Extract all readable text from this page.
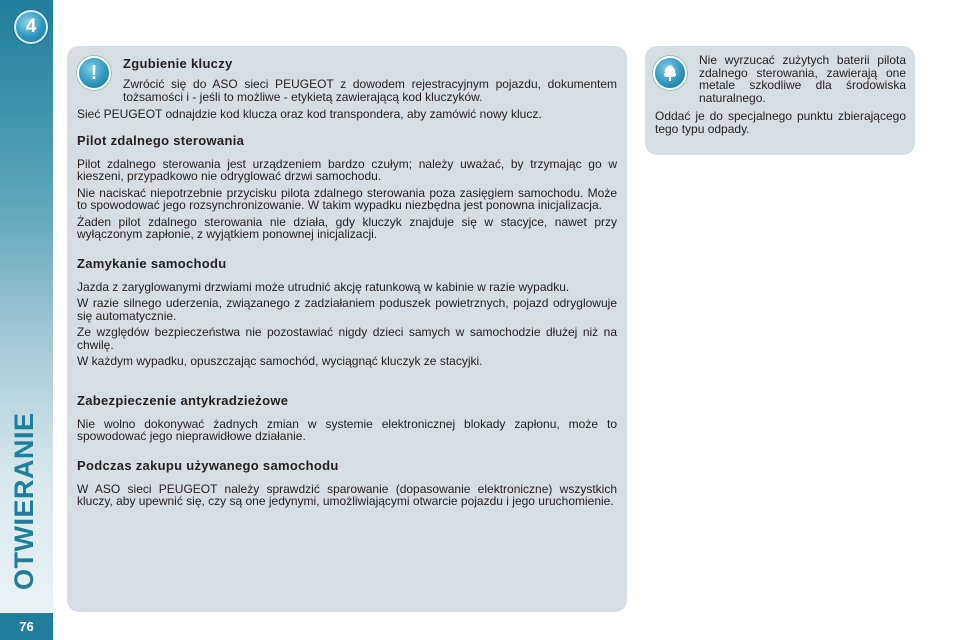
4
OTWIERANIE
76
!	Zgubienie kluczy

Zwrócić się do ASO sieci PEUGEOT z dowodem rejestracyjnym pojazdu, dokumentem tożsamości i - jeśli to możliwe - etykietą zawierającą kod kluczyków.

Sieć PEUGEOT odnajdzie kod klucza oraz kod transpondera, aby zamówić nowy klucz.

Pilot zdalnego sterowania

Pilot zdalnego sterowania jest urządzeniem bardzo czułym; należy uważać, by trzymając go w kieszeni, przypadkowo nie odryglować drzwi samochodu.

Nie naciskać niepotrzebnie przycisku pilota zdalnego sterowania poza zasięgiem samochodu. Może to spowodować jego rozsynchronizowanie. W takim wypadku niezbędna jest ponowna inicjalizacja.

Żaden pilot zdalnego sterowania nie działa, gdy kluczyk znajduje się w stacyjce, nawet przy wyłączonym zapłonie, z wyjątkiem ponownej inicjalizacji.

Zamykanie samochodu

Jazda z zaryglowanymi drzwiami może utrudnić akcję ratunkową w kabinie w razie wypadku.

W razie silnego uderzenia, związanego z zadziałaniem poduszek powietrznych, pojazd odryglowuje się automatycznie.

Ze względów bezpieczeństwa nie pozostawiać nigdy dzieci samych w samochodzie dłużej niż na chwilę.

W każdym wypadku, opuszczając samochód, wyciągnąć kluczyk ze stacyjki.

Zabezpieczenie antykradzieżowe

Nie wolno dokonywać żadnych zmian w systemie elektronicznej blokady zapłonu, może to spowodować jego nieprawidłowe działanie.

Podczas zakupu używanego samochodu

W ASO sieci PEUGEOT należy sprawdzić sparowanie (dopasowanie elektroniczne) wszystkich kluczy, aby upewnić się, czy są one jedynymi, umożliwiającymi otwarcie pojazdu i jego uruchomienie.

Nie wyrzucać zużytych baterii pilota zdalnego sterowania, zawierają one metale szkodliwe dla środowiska naturalnego.

Oddać je do specjalnego punktu zbierającego tego typu odpady.
